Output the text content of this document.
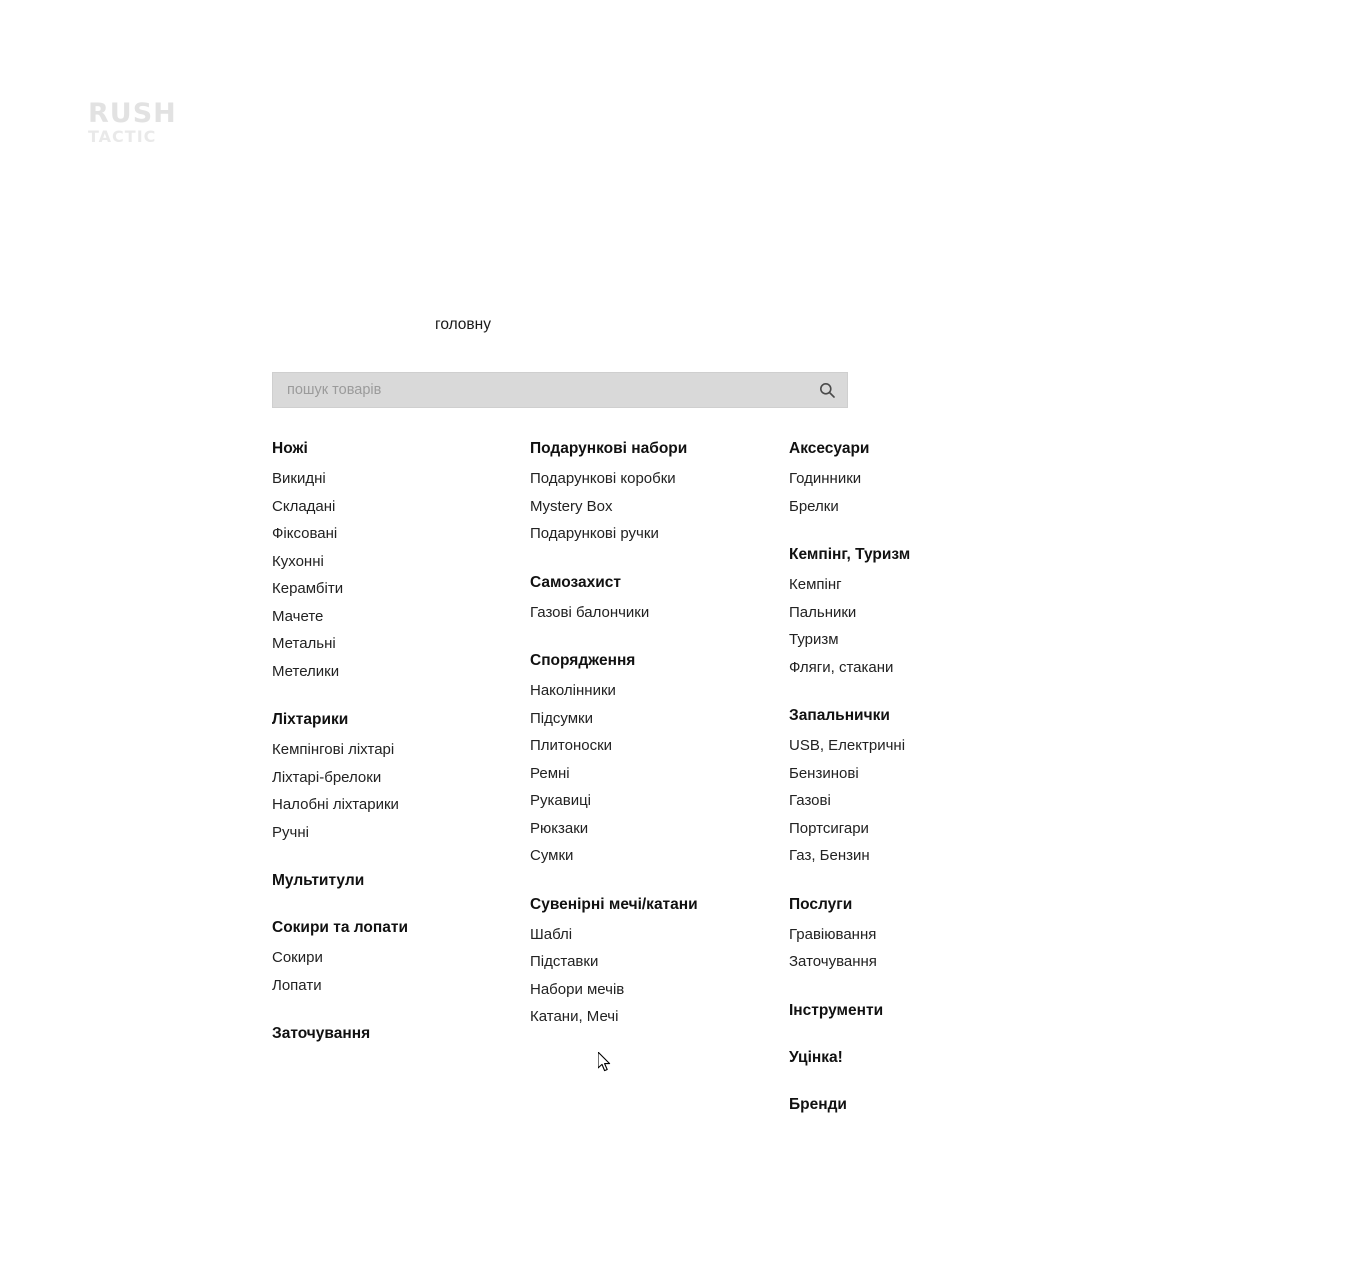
RUSH
TACTIC
головну
пошук товарів
Ножі
Викидні
Складані
Фіксовані
Кухонні
Керамбіти
Мачете
Метальні
Метелики
Ліхтарики
Кемпінгові ліхтарі
Ліхтарі-брелоки
Налобні ліхтарики
Ручні
Мультитули
Сокири та лопати
Сокири
Лопати
Заточування
Подарункові набори
Подарункові коробки
Mystery Box
Подарункові ручки
Самозахист
Газові балончики
Спорядження
Наколінники
Підсумки
Плитоноски
Ремні
Рукавиці
Рюкзаки
Сумки
Сувенірні мечі/катани
Шаблі
Підставки
Набори мечів
Катани, Мечі
Аксесуари
Годинники
Брелки
Кемпінг, Туризм
Кемпінг
Пальники
Туризм
Фляги, стакани
Запальнички
USB, Електричні
Бензинові
Газові
Портсигари
Газ, Бензин
Послуги
Гравіювання
Заточування
Інструменти
Уцінка!
Бренди
